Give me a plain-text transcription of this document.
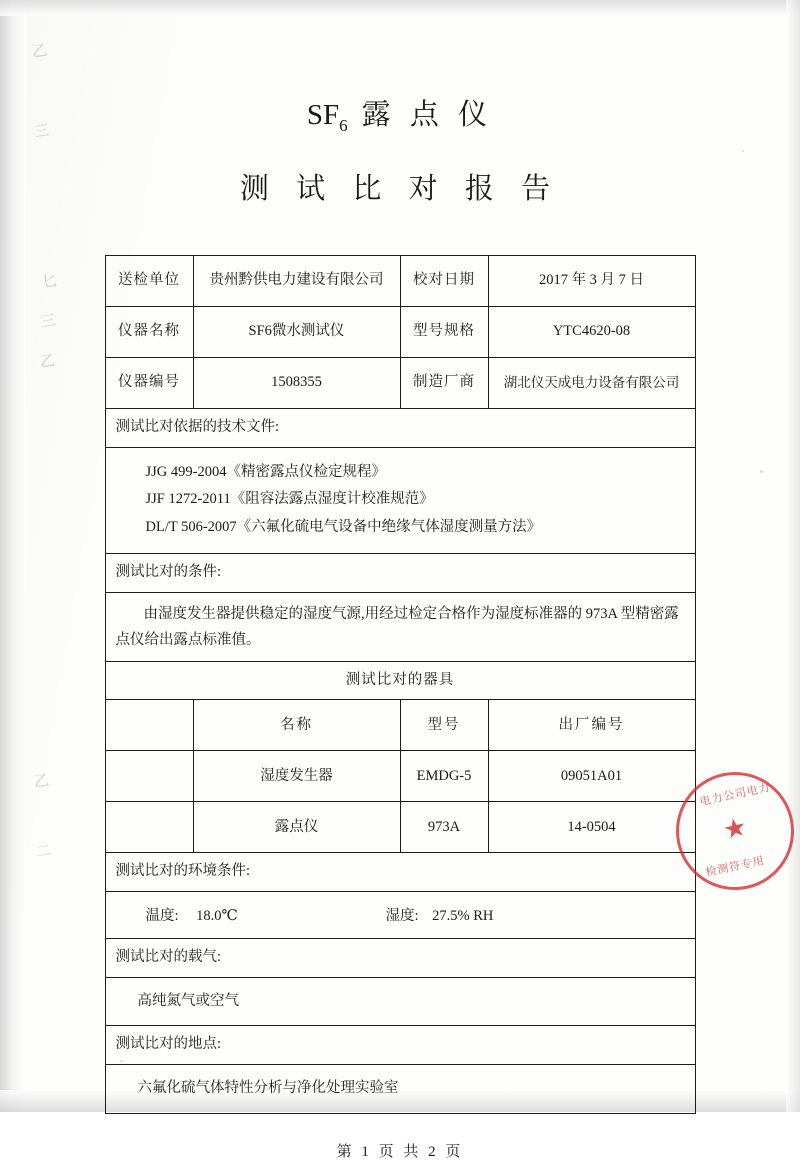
乙
三
匕
三
乙
乙
二
$SF_6$ 露 点 仪
测 试 比 对 报 告
送检单位	贵州黔供电力建设有限公司	校对日期	2017 年 3 月 7 日
仪器名称	SF6微水测试仪	型号规格	YTC4620-08
仪器编号	1508355	制造厂商	湖北仪天成电力设备有限公司
测试比对依据的技术文件:			

JJG 499-2004《精密露点仪检定规程》
JJF 1272-2011《阻容法露点湿度计校准规范》
DL/T 506-2007《六氟化硫电气设备中绝缘气体湿度测量方法》			

测试比对的条件:			

由湿度发生器提供稳定的湿度气源,用经过检定合格作为湿度标准器的 973A 型精密露点仪给出露点标准值。			

测试比对的器具			
	名称	型号	出厂编号
	湿度发生器	EMDG-5	09051A01
	露点仪	973A	14-0504
测试比对的环境条件:			

温度: 18.0℃ 湿度: 27.5% RH			

测试比对的载气:			

高纯氮气或空气			

测试比对的地点:			

六氟化硫气体特性分析与净化处理实验室			
第 1 页 共 2 页
电力公司电力
★
检测符专用
